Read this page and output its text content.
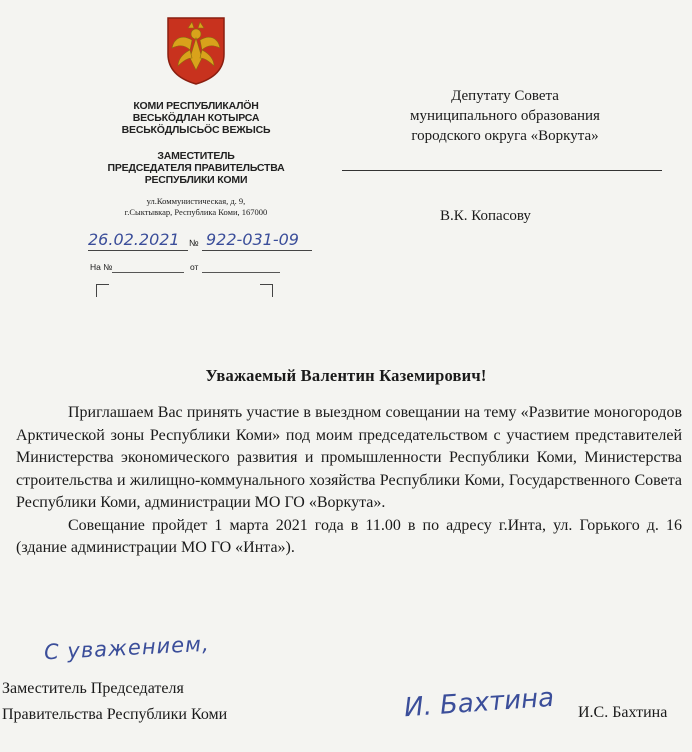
КОМИ РЕСПУБЛИКАЛÖН
ВЕСЬКÖДЛАН КОТЫРСА
ВЕСЬКÖДЛЫСЬÖС ВЕЖЫСЬ
ЗАМЕСТИТЕЛЬ
ПРЕДСЕДАТЕЛЯ ПРАВИТЕЛЬСТВА
РЕСПУБЛИКИ КОМИ
ул.Коммунистическая, д. 9,
г.Сыктывкар, Республика Коми, 167000
26.02.2021 № 922-031-09
На №	от
Депутату Совета
муниципального образования
городского округа «Воркута»
В.К. Копасову
Уважаемый Валентин Каземирович!

Приглашаем Вас принять участие в выездном совещании на тему «Развитие моногородов Арктической зоны Республики Коми» под моим председательством с участием представителей Министерства экономического развития и промышленности Республики Коми, Министерства строительства и жилищно-коммунального хозяйства Республики Коми, Государственного Совета Республики Коми, администрации МО ГО «Воркута».

Совещание пройдет 1 марта 2021 года в 11.00 в по адресу г.Инта, ул. Горького д. 16 (здание администрации МО ГО «Инта»).

С уважением,
Заместитель Председателя
Правительства Республики Коми	И. Бахтина И.С. Бахтина
